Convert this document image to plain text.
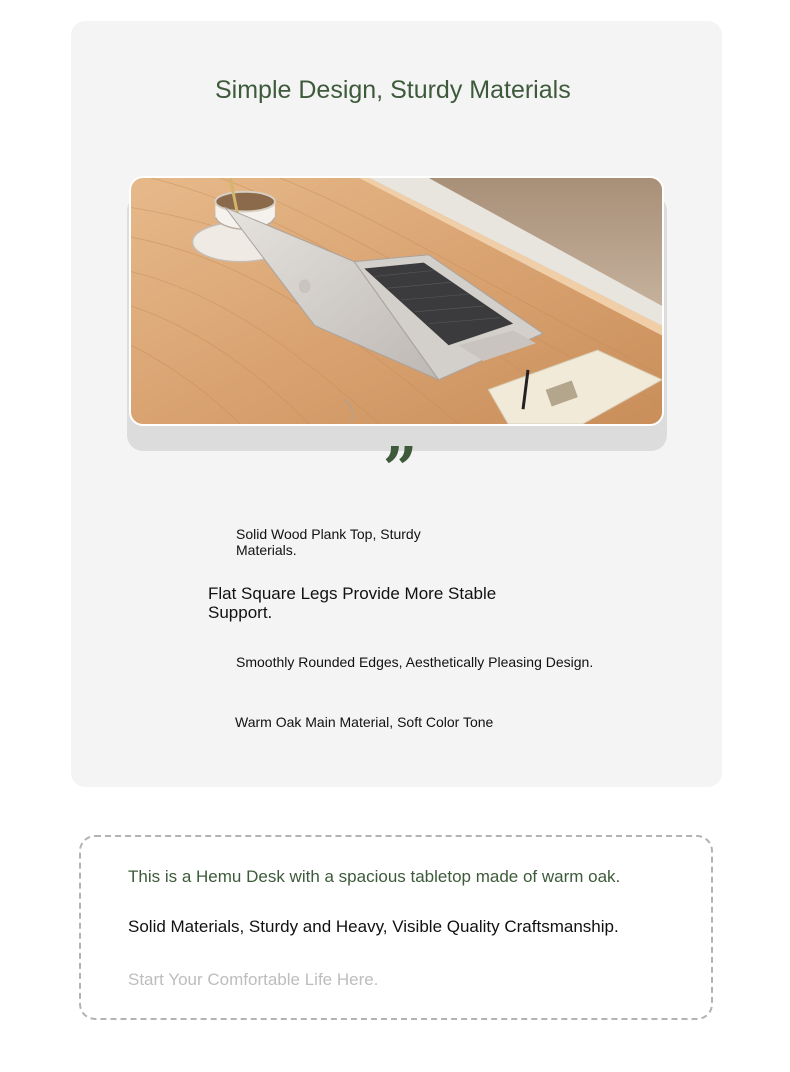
Simple Design, Sturdy Materials
”

Solid Wood Plank Top, Sturdy Materials.

Flat Square Legs Provide More Stable Support.

Smoothly Rounded Edges, Aesthetically Pleasing Design.

Warm Oak Main Material, Soft Color Tone

This is a Hemu Desk with a spacious tabletop made of warm oak.

Solid Materials, Sturdy and Heavy, Visible Quality Craftsmanship.

Start Your Comfortable Life Here.
